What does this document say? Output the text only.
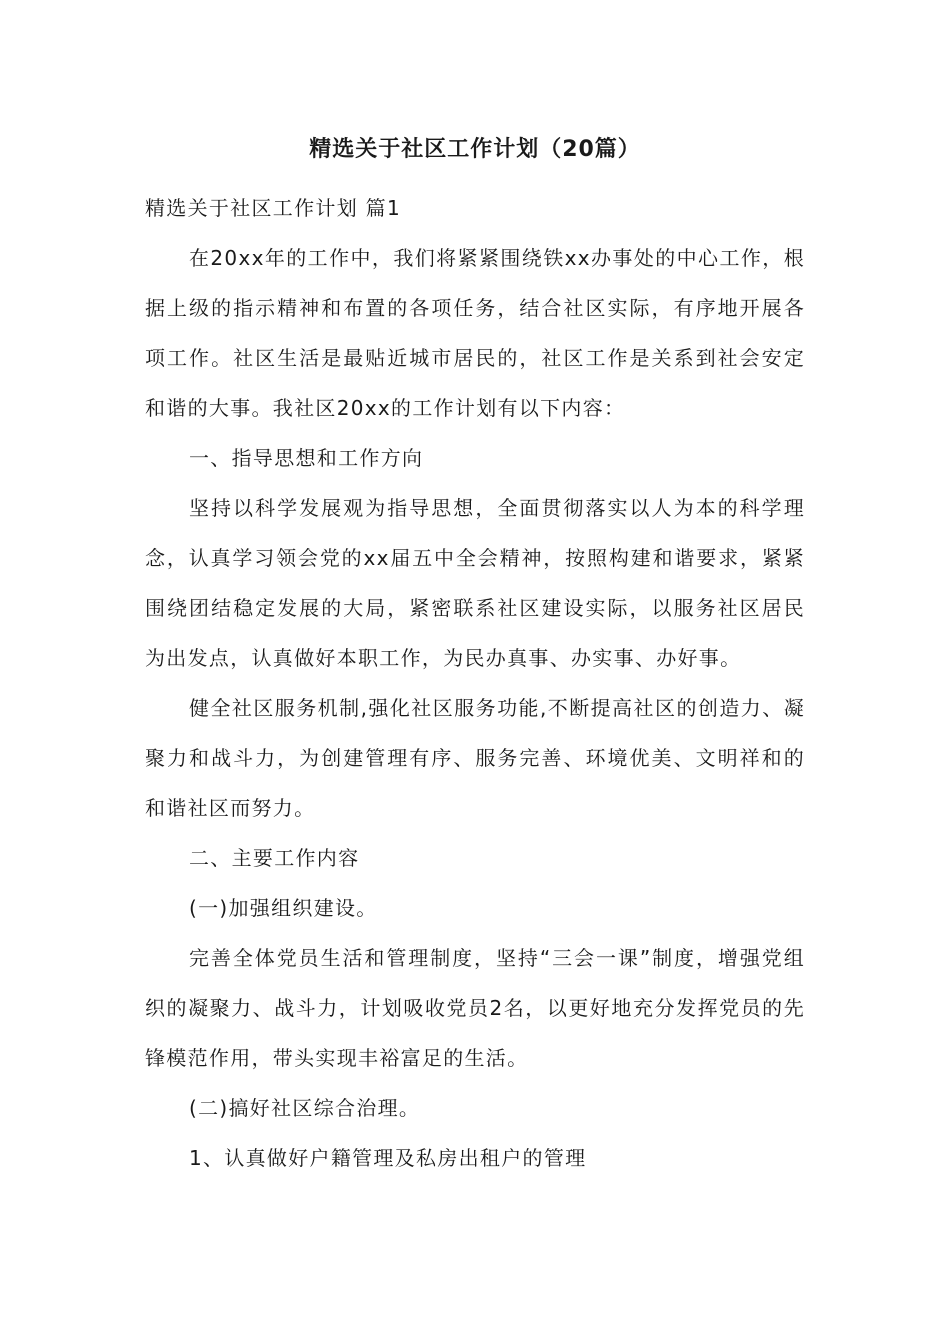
精选关于社区工作计划（20篇）

精选关于社区工作计划 篇1

在20xx年的工作中，我们将紧紧围绕铁xx办事处的中心工作，根据上级的指示精神和布置的各项任务，结合社区实际，有序地开展各项工作。社区生活是最贴近城市居民的，社区工作是关系到社会安定和谐的大事。我社区20xx的工作计划有以下内容：

一、指导思想和工作方向

坚持以科学发展观为指导思想，全面贯彻落实以人为本的科学理念，认真学习领会党的xx届五中全会精神，按照构建和谐要求，紧紧围绕团结稳定发展的大局，紧密联系社区建设实际，以服务社区居民为出发点，认真做好本职工作，为民办真事、办实事、办好事。

健全社区服务机制,强化社区服务功能,不断提高社区的创造力、凝聚力和战斗力，为创建管理有序、服务完善、环境优美、文明祥和的和谐社区而努力。

二、主要工作内容

(一)加强组织建设。

完善全体党员生活和管理制度，坚持“三会一课”制度，增强党组织的凝聚力、战斗力，计划吸收党员2名，以更好地充分发挥党员的先锋模范作用，带头实现丰裕富足的生活。

(二)搞好社区综合治理。

1、认真做好户籍管理及私房出租户的管理
